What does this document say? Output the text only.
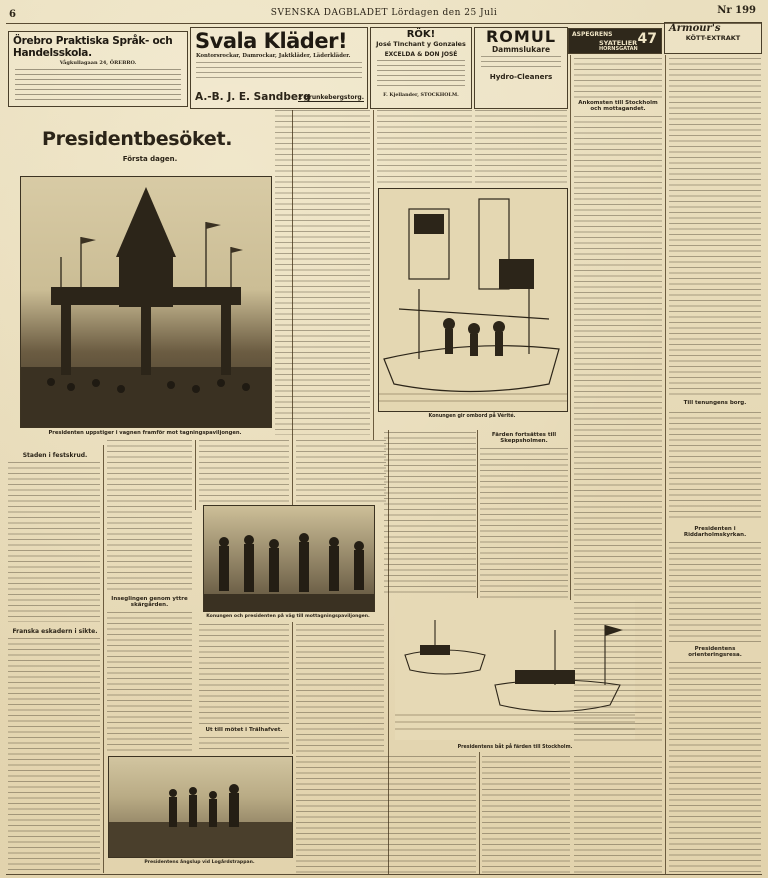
6	SVENSKA DAGBLADET Lördagen den 25 Juli	Nr 199
Örebro Praktiska Språk- och Handelsskola.
Vågkullagaan 24, ÖREBRO.
Svala Kläder!
Kontorsrockar, Damrockar, Jaktkläder, Läderkläder.
A.-B. J. E. Sandberg
2 Brunkebergstorg.
RÖK!
José Tinchant y Gonzales
EXCELDA & DON JOSÉ
F. Kjellander, STOCKHOLM.
ROMUL
Dammslukare
Hydro-Cleaners
ASPEGRENS
SYATELIER 47
HORNSGATAN
Armour's
KÖTT-EXTRAKT
Presidentbesöket.
Första dagen.
Presidenten uppstiger i vagnen framför mot tagningspaviljongen.
Staden i festskrud.
Franska eskadern i sikte.
Inseglingen genom yttre skärgården.
Konungen gir ombord på Vérité.
Konungen och presidenten på väg till mottagningspaviljongen.
Ut till mötet i Trälhafvet.
Presidentens ångslup vid Logårdstrappan.
Färden fortsättes till Skeppsholmen.
Presidentens båt på färden till Stockholm.
Ankomsten till Stockholm och mottagandet.
Till tenungens borg.
Presidenten i Riddarholmskyrkan.
Presidentens orienteringsresa.
